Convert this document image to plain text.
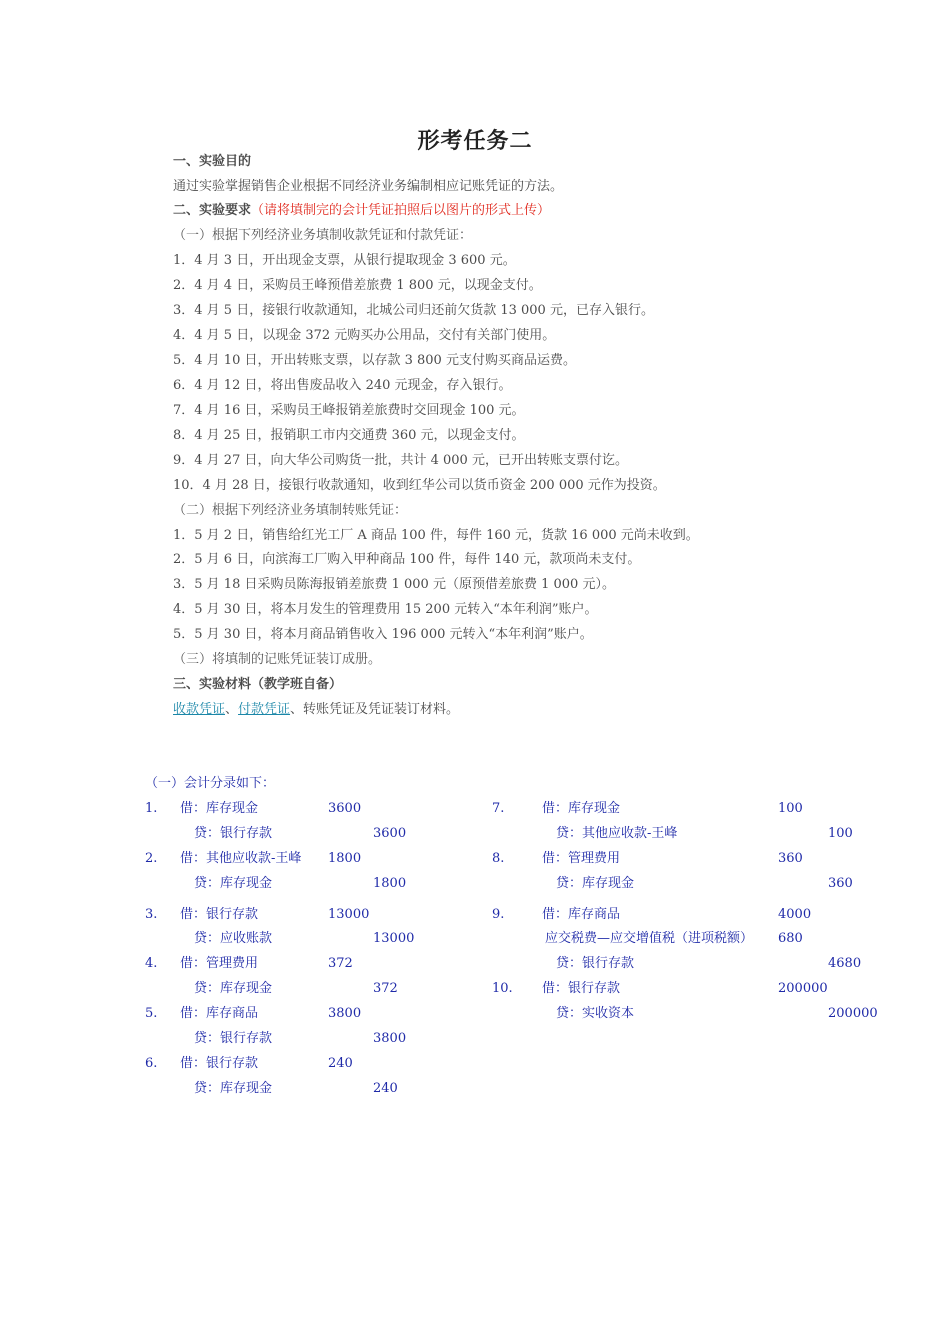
形考任务二
一、实验目的
通过实验掌握销售企业根据不同经济业务编制相应记账凭证的方法。
二、实验要求（请将填制完的会计凭证拍照后以图片的形式上传）
（一）根据下列经济业务填制收款凭证和付款凭证：
1．4 月 3 日，开出现金支票，从银行提取现金 3 600 元。
2．4 月 4 日，采购员王峰预借差旅费 1 800 元，以现金支付。
3．4 月 5 日，接银行收款通知，北城公司归还前欠货款 13 000 元，已存入银行。
4．4 月 5 日，以现金 372 元购买办公用品，交付有关部门使用。
5．4 月 10 日，开出转账支票，以存款 3 800 元支付购买商品运费。
6．4 月 12 日，将出售废品收入 240 元现金，存入银行。
7．4 月 16 日，采购员王峰报销差旅费时交回现金 100 元。
8．4 月 25 日，报销职工市内交通费 360 元，以现金支付。
9．4 月 27 日，向大华公司购货一批，共计 4 000 元，已开出转账支票付讫。
10．4 月 28 日，接银行收款通知，收到红华公司以货币资金 200 000 元作为投资。
（二）根据下列经济业务填制转账凭证：
1．5 月 2 日，销售给红光工厂 A 商品 100 件，每件 160 元，货款 16 000 元尚未收到。
2．5 月 6 日，向滨海工厂购入甲种商品 100 件，每件 140 元，款项尚未支付。
3．5 月 18 日采购员陈海报销差旅费 1 000 元（原预借差旅费 1 000 元）。
4．5 月 30 日，将本月发生的管理费用 15 200 元转入“本年利润”账户。
5．5 月 30 日，将本月商品销售收入 196 000 元转入“本年利润”账户。
（三）将填制的记账凭证装订成册。
三、实验材料（教学班自备）
收款凭证、付款凭证、转账凭证及凭证装订材料。
（一）会计分录如下：
1. 借：库存现金	3600
贷：银行存款	3600
2. 借：其他应收款-王峰 1800
贷：库存现金	1800
3. 借：银行存款	13000
贷：应收账款	13000
4. 借：管理费用	372
贷：库存现金	372
5. 借：库存商品	3800
贷：银行存款	3800
6. 借：银行存款	240
贷：库存现金	240
7.	借：库存现金	100
贷：其他应收款-王峰	100
8.	借：管理费用	360
贷：库存现金	360
9.	借：库存商品	4000
应交税费—应交增值税（进项税额） 680
贷：银行存款	4680
10. 借：银行存款	200000
贷：实收资本	200000
